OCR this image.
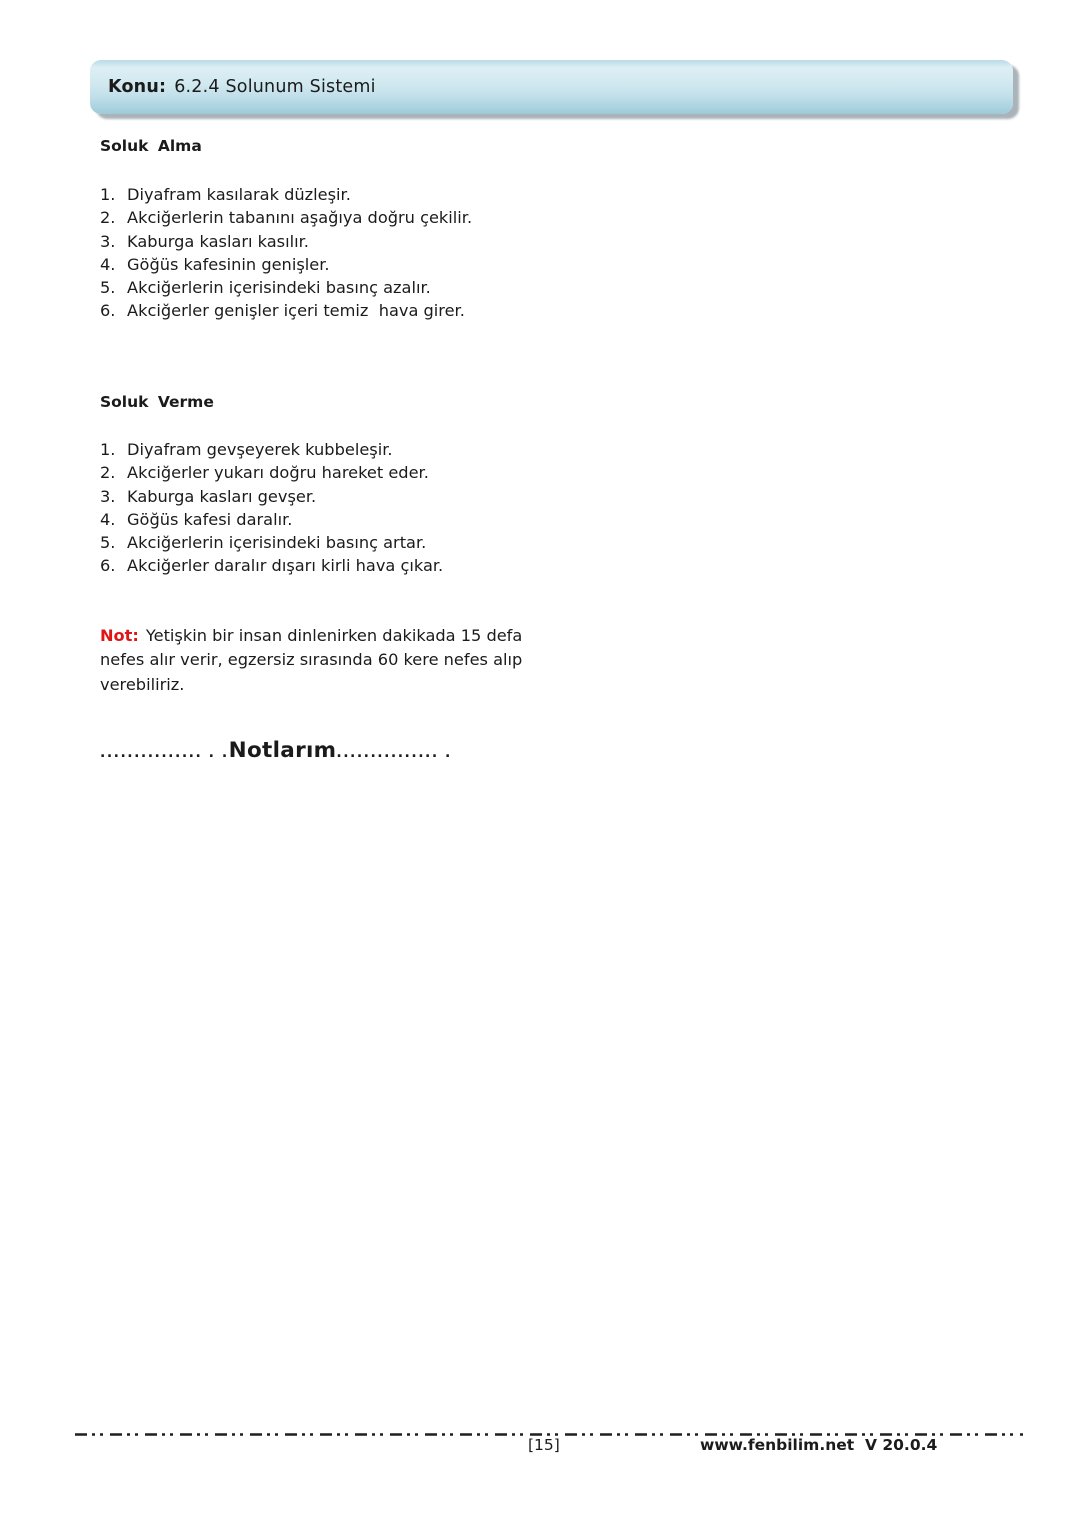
Konu: 6.2.4 Solunum Sistemi
Soluk Alma
1. Diyafram kasılarak düzleşir.
2. Akciğerlerin tabanını aşağıya doğru çekilir.
3. Kaburga kasları kasılır.
4. Göğüs kafesinin genişler.
5. Akciğerlerin içerisindeki basınç azalır.
6. Akciğerler genişler içeri temiz  hava girer.
Soluk Verme
1. Diyafram gevşeyerek kubbeleşir.
2. Akciğerler yukarı doğru hareket eder.
3. Kaburga kasları gevşer.
4. Göğüs kafesi daralır.
5. Akciğerlerin içerisindeki basınç artar.
6. Akciğerler daralır dışarı kirli hava çıkar.
Not: Yetişkin bir insan dinlenirken dakikada 15 defa
nefes alır verir, egzersiz sırasında 60 kere nefes alıp
verebiliriz.
............... . . Notlarım ............... .
[15]	www.fenbilim.net  V 20.0.4
